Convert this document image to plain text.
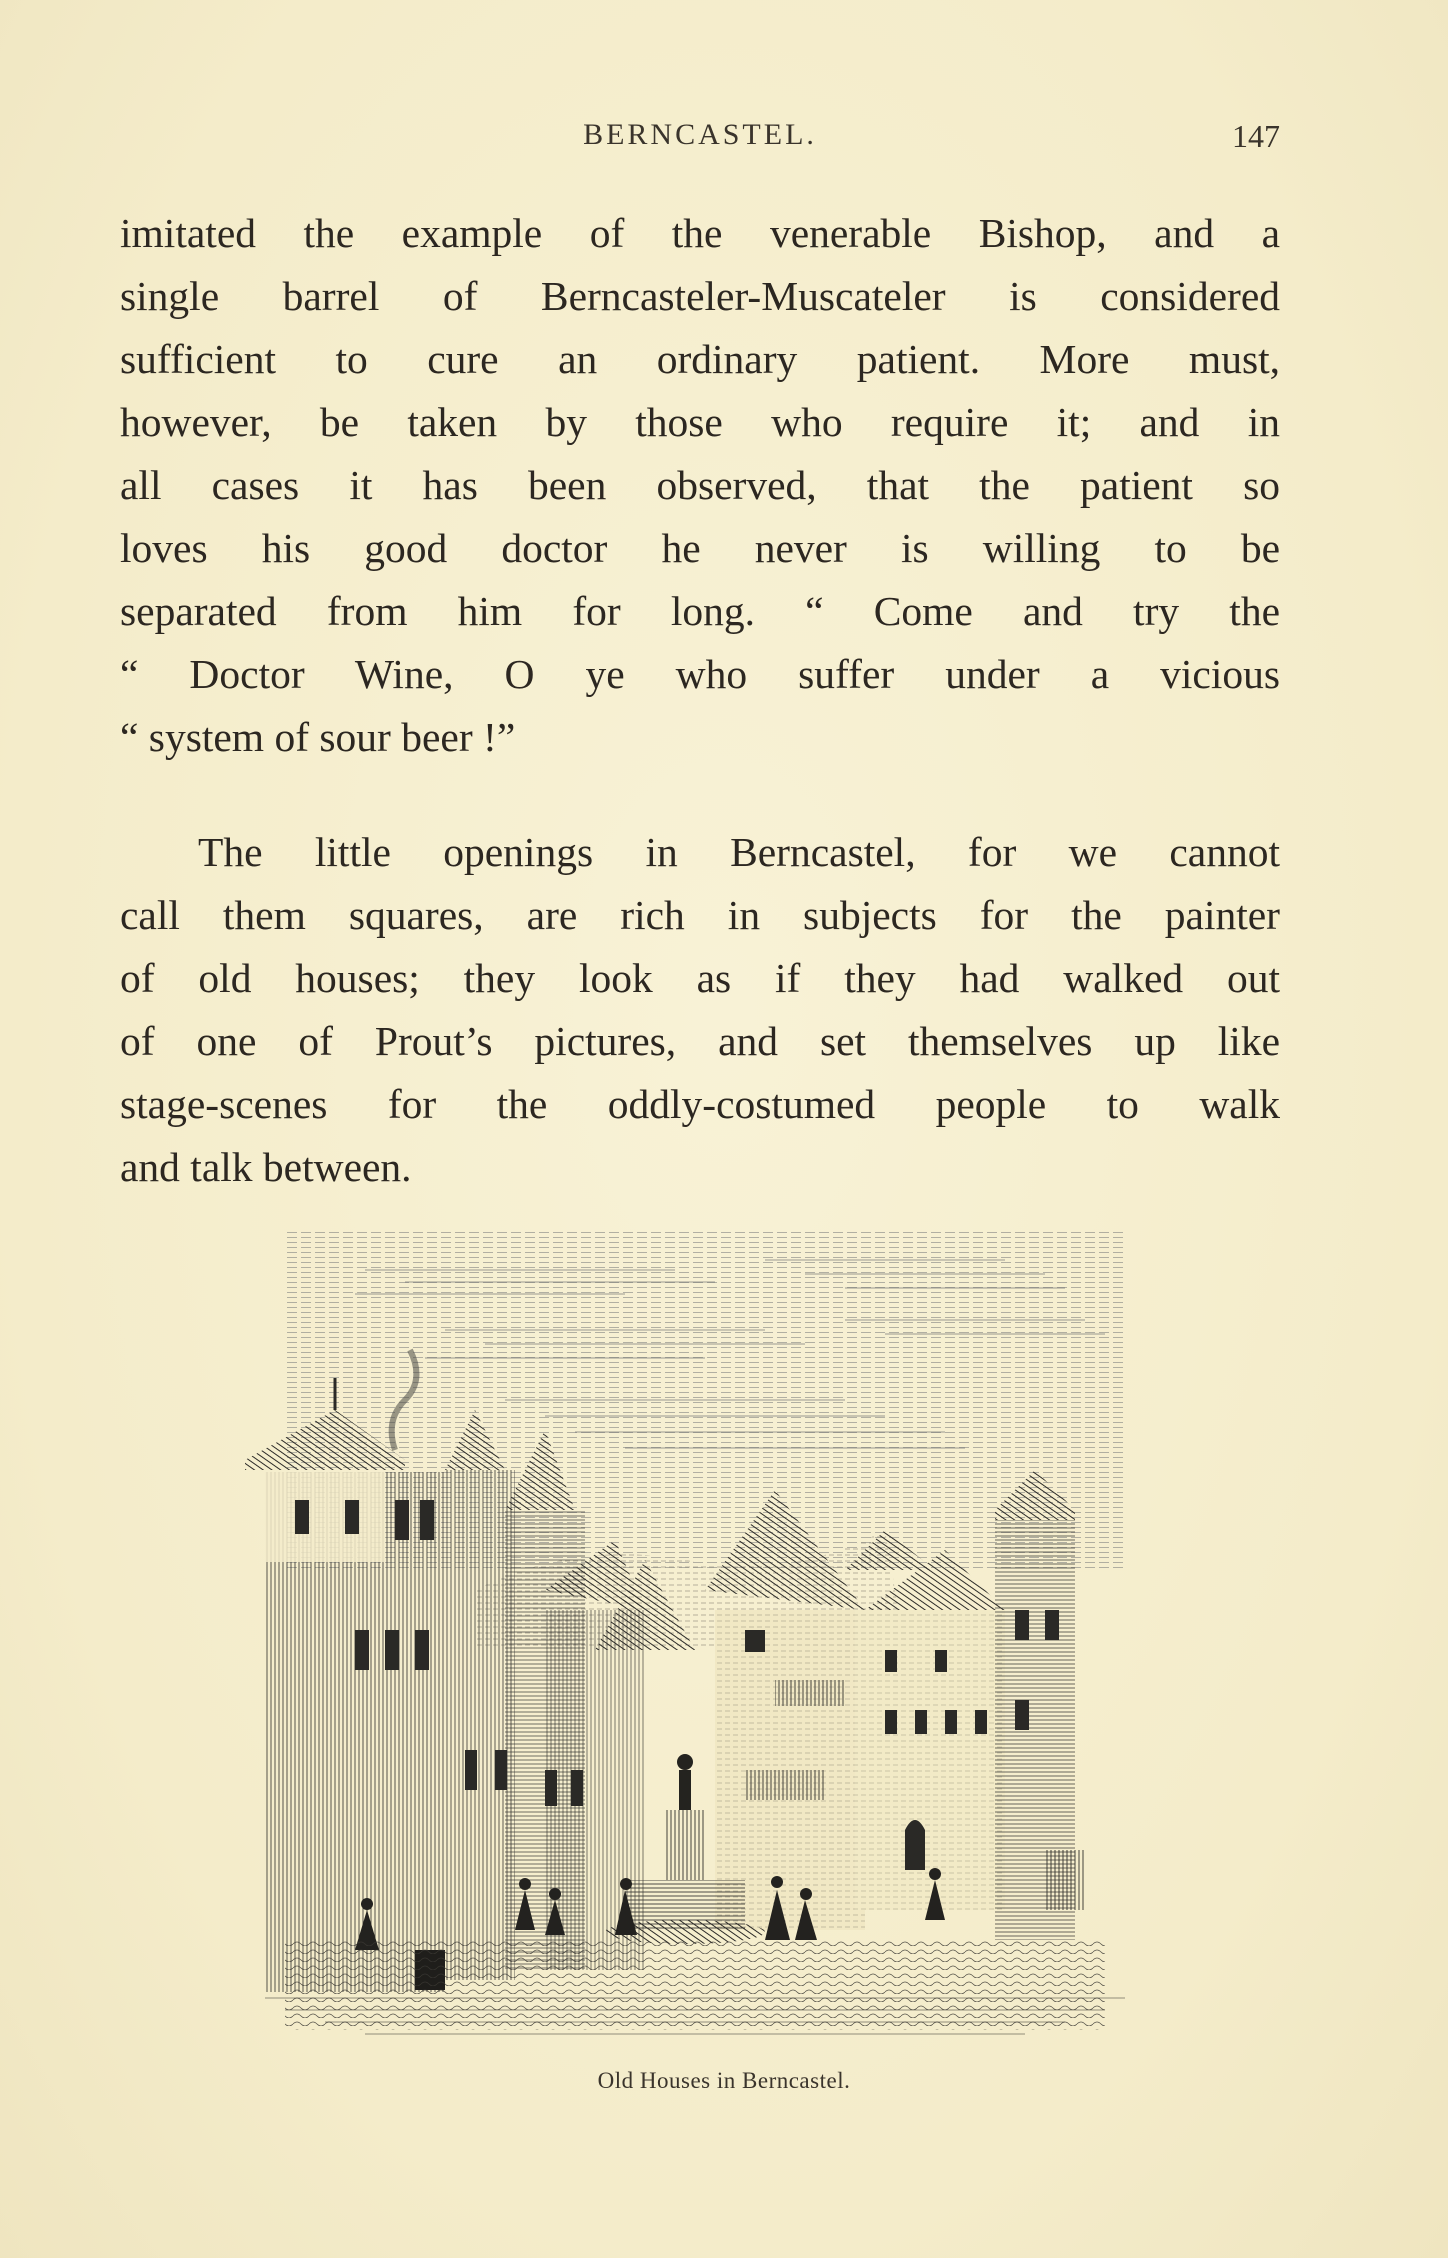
BERNCASTEL.	147
imitated the example of the venerable Bishop, and a
single barrel of Berncasteler-Muscateler is considered
sufficient to cure an ordinary patient. More must,
however, be taken by those who require it; and in
all cases it has been observed, that the patient so
loves his good doctor he never is willing to be
separated from him for long. “ Come and try the
“ Doctor Wine, O ye who suffer under a vicious
“ system of sour beer !”
The little openings in Berncastel, for we cannot
call them squares, are rich in subjects for the painter
of old houses; they look as if they had walked out
of one of Prout’s pictures, and set themselves up like
stage-scenes for the oddly-costumed people to walk
and talk between.
Old Houses in Berncastel.
